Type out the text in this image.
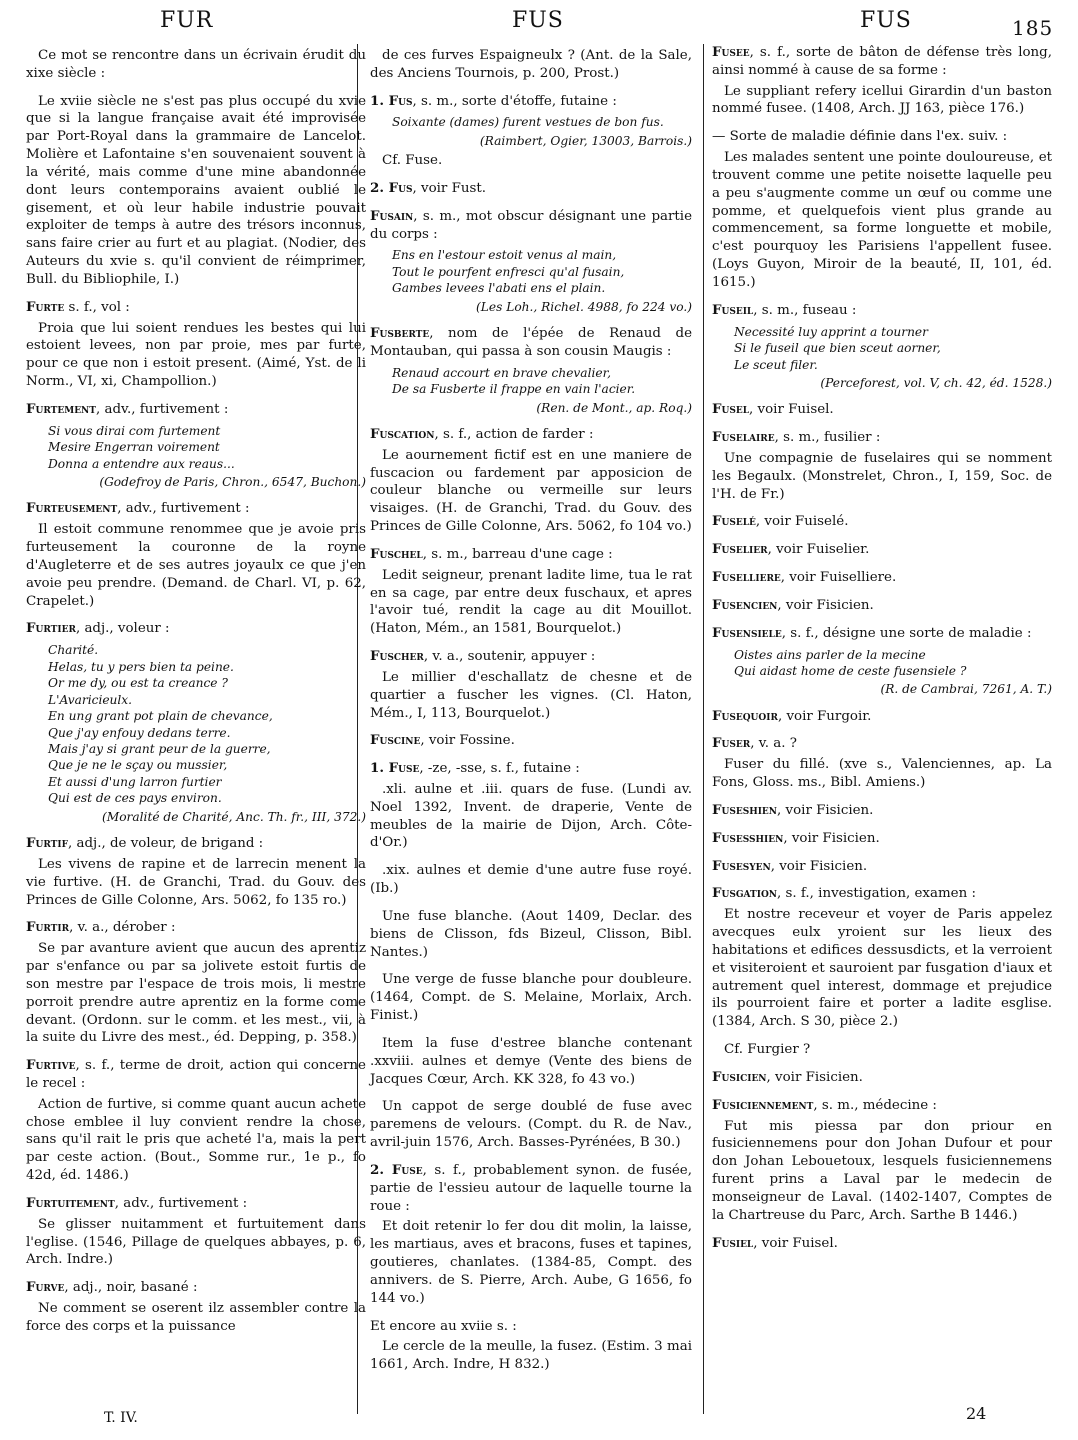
FUR	FUS	FUS	185
Ce mot se rencontre dans un écrivain érudit du xixe siècle :
Le xviie siècle ne s'est pas plus occupé du xvie que si la langue française avait été improvisée par Port-Royal dans la grammaire de Lancelot. Molière et Lafontaine s'en souvenaient souvent à la vérité, mais comme d'une mine abandonnée dont leurs contemporains avaient oublié le gisement, et où leur habile industrie pouvait exploiter de temps à autre des trésors inconnus, sans faire crier au furt et au plagiat. (Nodier, des Auteurs du xvie s. qu'il convient de réimprimer, Bull. du Bibliophile, I.)
Furte s. f., vol :
Proia que lui soient rendues les bestes qui lui estoient levees, non par proie, mes par furte, pour ce que non i estoit present. (Aimé, Yst. de li Norm., VI, xi, Champollion.)
Furtement, adv., furtivement :
Si vous dirai com furtement
Mesire Engerran voirement
Donna a entendre aux reaus...
(Godefroy de Paris, Chron., 6547, Buchon.)
Furteusement, adv., furtivement :
Il estoit commune renommee que je avoie pris furteusement la couronne de la royne d'Augleterre et de ses autres joyaulx ce que j'en avoie peu prendre. (Demand. de Charl. VI, p. 62, Crapelet.)
Furtier, adj., voleur :
Charité.
Helas, tu y pers bien ta peine.
Or me dy, ou est ta creance ?
L'Avaricieulx.
En ung grant pot plain de chevance,
Que j'ay enfouy dedans terre.
Mais j'ay si grant peur de la guerre,
Que je ne le sçay ou mussier,
Et aussi d'ung larron furtier
Qui est de ces pays environ.
(Moralité de Charité, Anc. Th. fr., III, 372.)
Furtif, adj., de voleur, de brigand :
Les vivens de rapine et de larrecin menent la vie furtive. (H. de Granchi, Trad. du Gouv. des Princes de Gille Colonne, Ars. 5062, fo 135 ro.)
Furtir, v. a., dérober :
Se par avanture avient que aucun des aprentiz par s'enfance ou par sa jolivete estoit furtis de son mestre par l'espace de trois mois, li mestre porroit prendre autre aprentiz en la forme come devant. (Ordonn. sur le comm. et les mest., vii, à la suite du Livre des mest., éd. Depping, p. 358.)
Furtive, s. f., terme de droit, action qui concerne le recel :
Action de furtive, si comme quant aucun achete chose emblee il luy convient rendre la chose, sans qu'il rait le pris que acheté l'a, mais la pert par ceste action. (Bout., Somme rur., 1e p., fo 42d, éd. 1486.)
Furtuitement, adv., furtivement :
Se glisser nuitamment et furtuitement dans l'eglise. (1546, Pillage de quelques abbayes, p. 6, Arch. Indre.)
Furve, adj., noir, basané :
Ne comment se oserent ilz assembler contre la force des corps et la puissance
de ces furves Espaigneulx ? (Ant. de la Sale, des Anciens Tournois, p. 200, Prost.)
1. Fus, s. m., sorte d'étoffe, futaine :
Soixante (dames) furent vestues de bon fus.
(Raimbert, Ogier, 13003, Barrois.)
Cf. Fuse.
2. Fus, voir Fust.
Fusain, s. m., mot obscur désignant une partie du corps :
Ens en l'estour estoit venus al main,
Tout le pourfent enfresci qu'al fusain,
Gambes levees l'abati ens el plain.
(Les Loh., Richel. 4988, fo 224 vo.)
Fusberte, nom de l'épée de Renaud de Montauban, qui passa à son cousin Maugis :
Renaud accourt en brave chevalier,
De sa Fusberte il frappe en vain l'acier.
(Ren. de Mont., ap. Roq.)
Fuscation, s. f., action de farder :
Le aournement fictif est en une maniere de fuscacion ou fardement par apposicion de couleur blanche ou vermeille sur leurs visaiges. (H. de Granchi, Trad. du Gouv. des Princes de Gille Colonne, Ars. 5062, fo 104 vo.)
Fuschel, s. m., barreau d'une cage :
Ledit seigneur, prenant ladite lime, tua le rat en sa cage, par entre deux fuschaux, et apres l'avoir tué, rendit la cage au dit Mouillot. (Haton, Mém., an 1581, Bourquelot.)
Fuscher, v. a., soutenir, appuyer :
Le millier d'eschallatz de chesne et de quartier a fuscher les vignes. (Cl. Haton, Mém., I, 113, Bourquelot.)
Fuscine, voir Fossine.
1. Fuse, -ze, -sse, s. f., futaine :
.xli. aulne et .iii. quars de fuse. (Lundi av. Noel 1392, Invent. de draperie, Vente de meubles de la mairie de Dijon, Arch. Côte-d'Or.)
.xix. aulnes et demie d'une autre fuse royé. (Ib.)
Une fuse blanche. (Aout 1409, Declar. des biens de Clisson, fds Bizeul, Clisson, Bibl. Nantes.)
Une verge de fusse blanche pour doubleure. (1464, Compt. de S. Melaine, Morlaix, Arch. Finist.)
Item la fuse d'estree blanche contenant .xxviii. aulnes et demye (Vente des biens de Jacques Cœur, Arch. KK 328, fo 43 vo.)
Un cappot de serge doublé de fuse avec paremens de velours. (Compt. du R. de Nav., avril-juin 1576, Arch. Basses-Pyrénées, B 30.)
2. Fuse, s. f., probablement synon. de fusée, partie de l'essieu autour de laquelle tourne la roue :
Et doit retenir lo fer dou dit molin, la laisse, les martiaus, aves et bracons, fuses et tapines, goutieres, chanlates. (1384-85, Compt. des annivers. de S. Pierre, Arch. Aube, G 1656, fo 144 vo.)
Et encore au xviie s. :
Le cercle de la meulle, la fusez. (Estim. 3 mai 1661, Arch. Indre, H 832.)
Fusee, s. f., sorte de bâton de défense très long, ainsi nommé à cause de sa forme :
Le suppliant refery icellui Girardin d'un baston nommé fusee. (1408, Arch. JJ 163, pièce 176.)
— Sorte de maladie définie dans l'ex. suiv. :
Les malades sentent une pointe douloureuse, et trouvent comme une petite noisette laquelle peu a peu s'augmente comme un œuf ou comme une pomme, et quelquefois vient plus grande au commencement, sa forme longuette et mobile, c'est pourquoy les Parisiens l'appellent fusee. (Loys Guyon, Miroir de la beauté, II, 101, éd. 1615.)
Fuseil, s. m., fuseau :
Necessité luy apprint a tourner
Si le fuseil que bien sceut aorner,
Le sceut filer.
(Perceforest, vol. V, ch. 42, éd. 1528.)
Fusel, voir Fuisel.
Fuselaire, s. m., fusilier :
Une compagnie de fuselaires qui se nomment les Begaulx. (Monstrelet, Chron., I, 159, Soc. de l'H. de Fr.)
Fuselé, voir Fuiselé.
Fuselier, voir Fuiselier.
Fuselliere, voir Fuiselliere.
Fusencien, voir Fisicien.
Fusensiele, s. f., désigne une sorte de maladie :
Oistes ains parler de la mecine
Qui aidast home de ceste fusensiele ?
(R. de Cambrai, 7261, A. T.)
Fusequoir, voir Furgoir.
Fuser, v. a. ?
Fuser du fillé. (xve s., Valenciennes, ap. La Fons, Gloss. ms., Bibl. Amiens.)
Fuseshien, voir Fisicien.
Fusesshien, voir Fisicien.
Fusesyen, voir Fisicien.
Fusgation, s. f., investigation, examen :
Et nostre receveur et voyer de Paris appelez avecques eulx yroient sur les lieux des habitations et edifices dessusdicts, et la verroient et visiteroient et sauroient par fusgation d'iaux et autrement quel interest, dommage et prejudice ils pourroient faire et porter a ladite esglise. (1384, Arch. S 30, pièce 2.)
Cf. Furgier ?
Fusicien, voir Fisicien.
Fusiciennement, s. m., médecine :
Fut mis piessa par don priour en fusiciennemens pour don Johan Dufour et pour don Johan Lebouetoux, lesquels fusiciennemens furent prins a Laval par le medecin de monseigneur de Laval. (1402-1407, Comptes de la Chartreuse du Parc, Arch. Sarthe B 1446.)
Fusiel, voir Fuisel.
T. IV.	24
